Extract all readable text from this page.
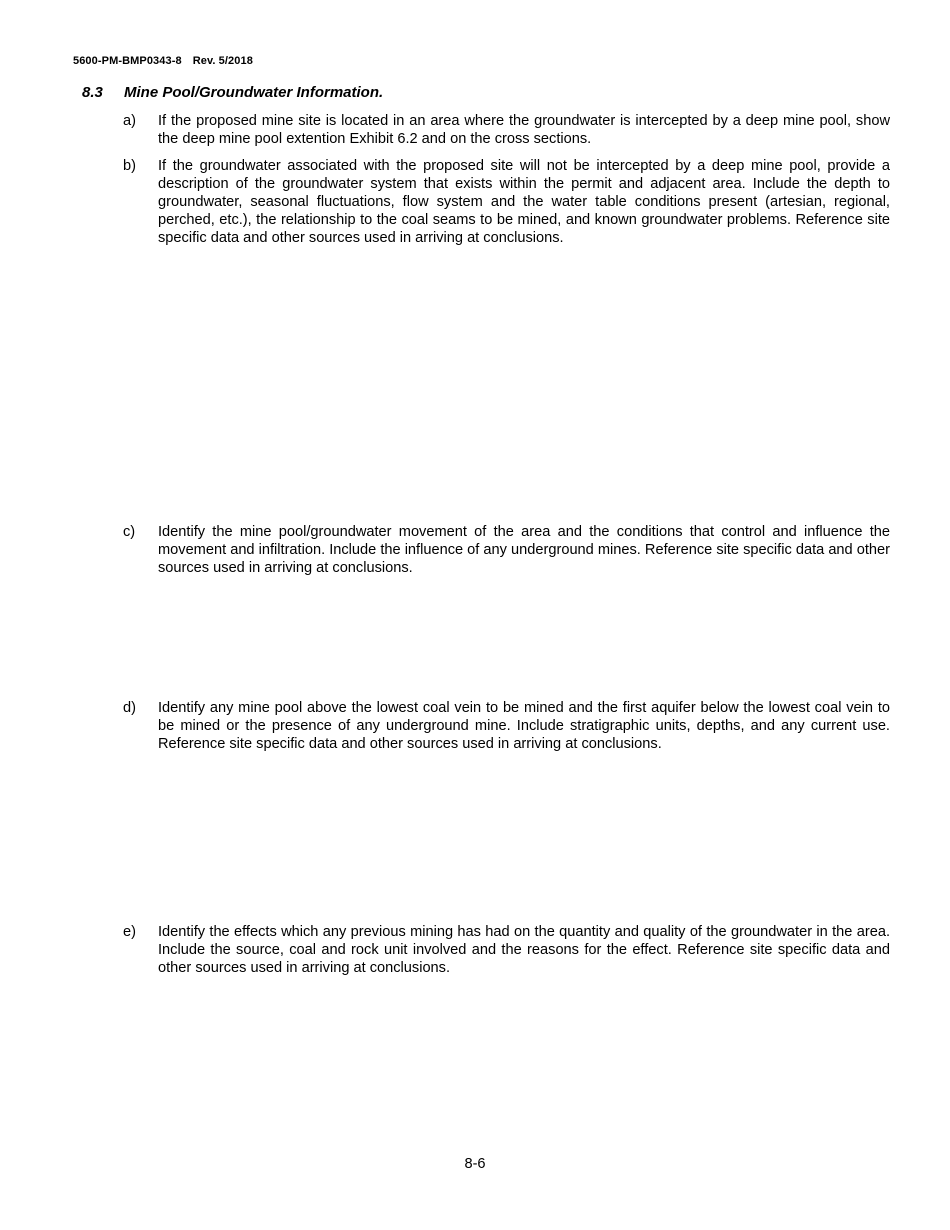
5600-PM-BMP0343-8 Rev. 5/2018
8.3 Mine Pool/Groundwater Information.
a) If the proposed mine site is located in an area where the groundwater is intercepted by a deep mine pool, show the deep mine pool extention Exhibit 6.2 and on the cross sections.
b) If the groundwater associated with the proposed site will not be intercepted by a deep mine pool, provide a description of the groundwater system that exists within the permit and adjacent area. Include the depth to groundwater, seasonal fluctuations, flow system and the water table conditions present (artesian, regional, perched, etc.), the relationship to the coal seams to be mined, and known groundwater problems. Reference site specific data and other sources used in arriving at conclusions.
c) Identify the mine pool/groundwater movement of the area and the conditions that control and influence the movement and infiltration. Include the influence of any underground mines. Reference site specific data and other sources used in arriving at conclusions.
d) Identify any mine pool above the lowest coal vein to be mined and the first aquifer below the lowest coal vein to be mined or the presence of any underground mine. Include stratigraphic units, depths, and any current use. Reference site specific data and other sources used in arriving at conclusions.
e) Identify the effects which any previous mining has had on the quantity and quality of the groundwater in the area. Include the source, coal and rock unit involved and the reasons for the effect. Reference site specific data and other sources used in arriving at conclusions.
8-6
